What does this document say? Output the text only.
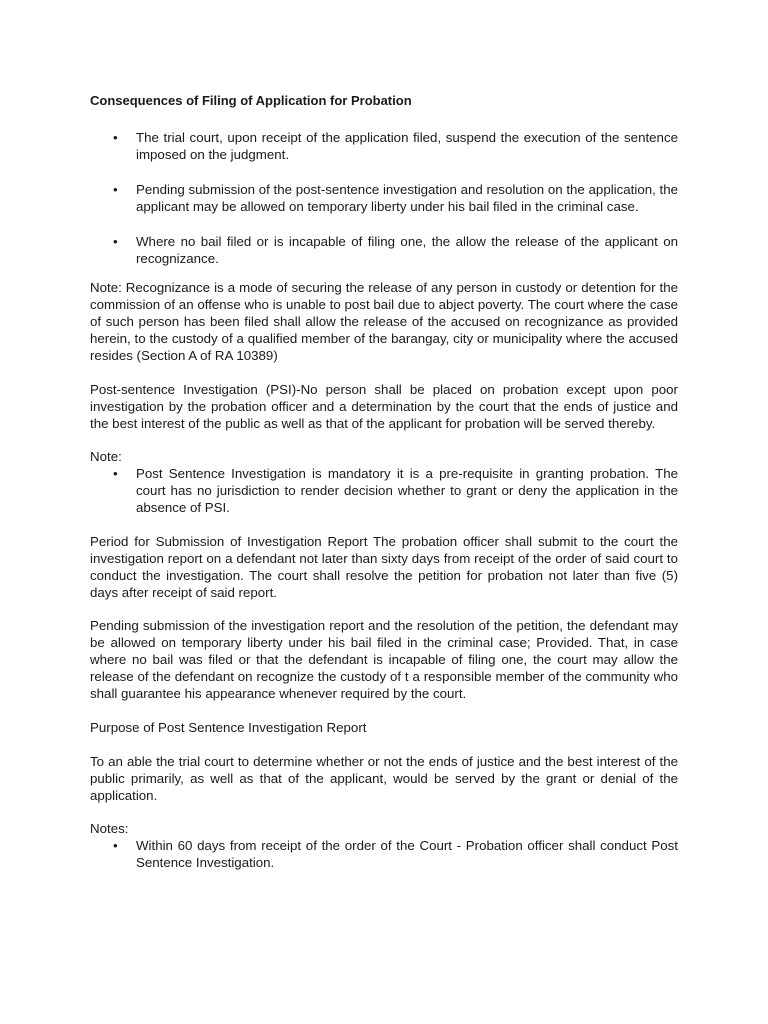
Consequences of Filing of Application for Probation
•	The trial court, upon receipt of the application filed, suspend the execution of the sentence imposed on the judgment.
•	Pending submission of the post-sentence investigation and resolution on the application, the applicant may be allowed on temporary liberty under his bail filed in the criminal case.
•	Where no bail filed or is incapable of filing one, the allow the release of the applicant on recognizance.

Note: Recognizance is a mode of securing the release of any person in custody or detention for the commission of an offense who is unable to post bail due to abject poverty. The court where the case of such person has been filed shall allow the release of the accused on recognizance as provided herein, to the custody of a qualified member of the barangay, city or municipality where the accused resides (Section A of RA 10389)

Post-sentence Investigation (PSI)-No person shall be placed on probation except upon poor investigation by the probation officer and a determination by the court that the ends of justice and the best interest of the public as well as that of the applicant for probation will be served thereby.

Note:

•	Post Sentence Investigation is mandatory it is a pre-requisite in granting probation. The court has no jurisdiction to render decision whether to grant or deny the application in the absence of PSI.

Period for Submission of Investigation Report The probation officer shall submit to the court the investigation report on a defendant not later than sixty days from receipt of the order of said court to conduct the investigation. The court shall resolve the petition for probation not later than five (5) days after receipt of said report.

Pending submission of the investigation report and the resolution of the petition, the defendant may be allowed on temporary liberty under his bail filed in the criminal case; Provided. That, in case where no bail was filed or that the defendant is incapable of filing one, the court may allow the release of the defendant on recognize the custody of t a responsible member of the community who shall guarantee his appearance whenever required by the court.

Purpose of Post Sentence Investigation Report

To an able the trial court to determine whether or not the ends of justice and the best interest of the public primarily, as well as that of the applicant, would be served by the grant or denial of the application.

Notes:

•	Within 60 days from receipt of the order of the Court - Probation officer shall conduct Post Sentence Investigation.
